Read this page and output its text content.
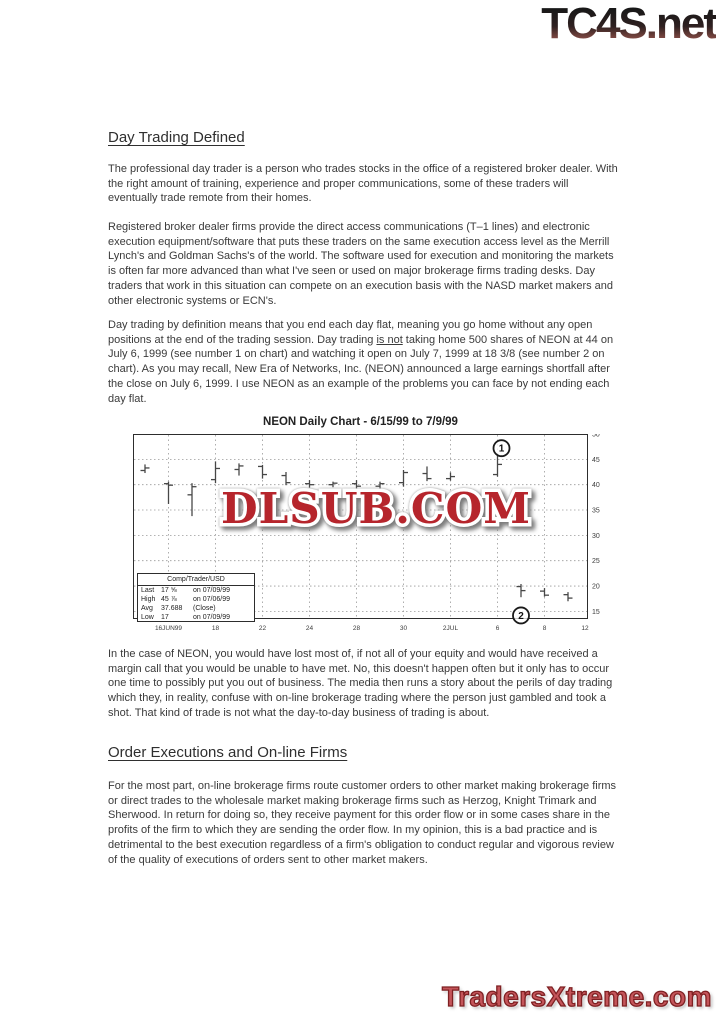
TC4S.net
Day Trading Defined

The professional day trader is a person who trades stocks in the office of a registered broker dealer. With the right amount of training, experience and proper communications, some of these traders will eventually trade remote from their homes.

Registered broker dealer firms provide the direct access communications (T–1 lines) and electronic execution equipment/software that puts these traders on the same execution access level as the Merrill Lynch's and Goldman Sachs's of the world. The software used for execution and monitoring the markets is often far more advanced than what I've seen or used on major brokerage firms trading desks. Day traders that work in this situation can compete on an execution basis with the NASD market makers and other electronic systems or ECN's.

Day trading by definition means that you end each day flat, meaning you go home without any open positions at the end of the trading session. Day trading is not taking home 500 shares of NEON at 44 on July 6, 1999 (see number 1 on chart) and watching it open on July 7, 1999 at 18 3/8 (see number 2 on chart). As you may recall, New Era of Networks, Inc. (NEON) announced a large earnings shortfall after the close on July 6, 1999. I use NEON as an example of the problems you can face by not ending each day flat.

NEON Daily Chart - 6/15/99 to 7/9/99
50
45
40
35
30
25
20
15
16JUN99	18	22	24	28	30	2JUL	6	8	12
1
2
DLSUB.COM
Comp/Trader/USD
Last 17 ⅝	on 07/09/99
High 45 ⅞	on 07/06/99
Avg	37.688	(Close)
Low	17	on 07/09/99

In the case of NEON, you would have lost most of, if not all of your equity and would have received a margin call that you would be unable to have met. No, this doesn't happen often but it only has to occur one time to possibly put you out of business. The media then runs a story about the perils of day trading which they, in reality, confuse with on-line brokerage trading where the person just gambled and took a shot. That kind of trade is not what the day-to-day business of trading is about.

Order Executions and On-line Firms

For the most part, on-line brokerage firms route customer orders to other market making brokerage firms or direct trades to the wholesale market making brokerage firms such as Herzog, Knight Trimark and Sherwood. In return for doing so, they receive payment for this order flow or in some cases share in the profits of the firm to which they are sending the order flow. In my opinion, this is a bad practice and is detrimental to the best execution regardless of a firm's obligation to conduct regular and vigorous review of the quality of executions of orders sent to other market makers.

TradersXtreme.com
